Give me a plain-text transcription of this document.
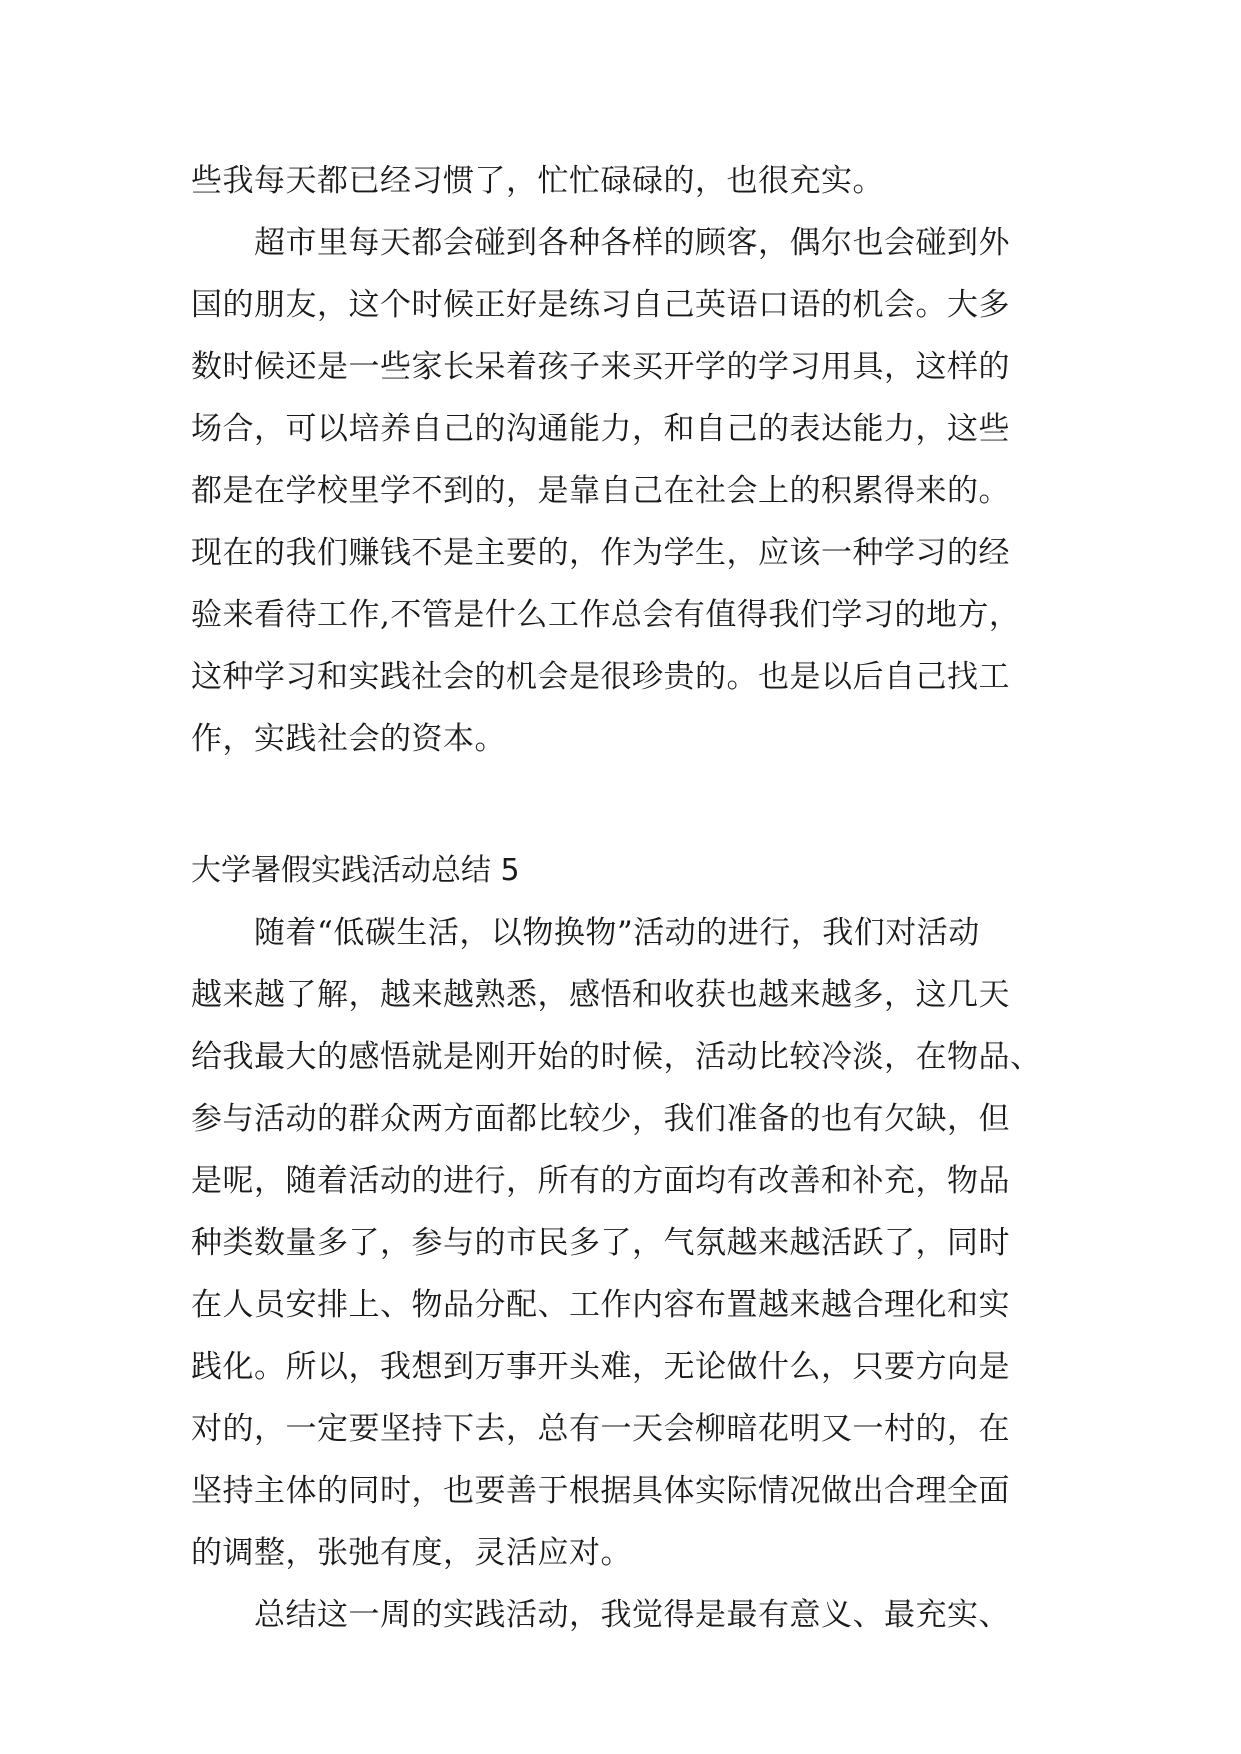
些我每天都已经习惯了，忙忙碌碌的，也很充实。
　　超市里每天都会碰到各种各样的顾客，偶尔也会碰到外
国的朋友，这个时候正好是练习自己英语口语的机会。大多
数时候还是一些家长呆着孩子来买开学的学习用具，这样的
场合，可以培养自己的沟通能力，和自己的表达能力，这些
都是在学校里学不到的，是靠自己在社会上的积累得来的。
现在的我们赚钱不是主要的，作为学生，应该一种学习的经
验来看待工作,不管是什么工作总会有值得我们学习的地方，
这种学习和实践社会的机会是很珍贵的。也是以后自己找工
作，实践社会的资本。
大学暑假实践活动总结 5
　　随着“低碳生活，以物换物”活动的进行，我们对活动
越来越了解，越来越熟悉，感悟和收获也越来越多，这几天
给我最大的感悟就是刚开始的时候，活动比较冷淡，在物品、
参与活动的群众两方面都比较少，我们准备的也有欠缺，但
是呢，随着活动的进行，所有的方面均有改善和补充，物品
种类数量多了，参与的市民多了，气氛越来越活跃了，同时
在人员安排上、物品分配、工作内容布置越来越合理化和实
践化。所以，我想到万事开头难，无论做什么，只要方向是
对的，一定要坚持下去，总有一天会柳暗花明又一村的，在
坚持主体的同时，也要善于根据具体实际情况做出合理全面
的调整，张弛有度，灵活应对。
　　总结这一周的实践活动，我觉得是最有意义、最充实、
